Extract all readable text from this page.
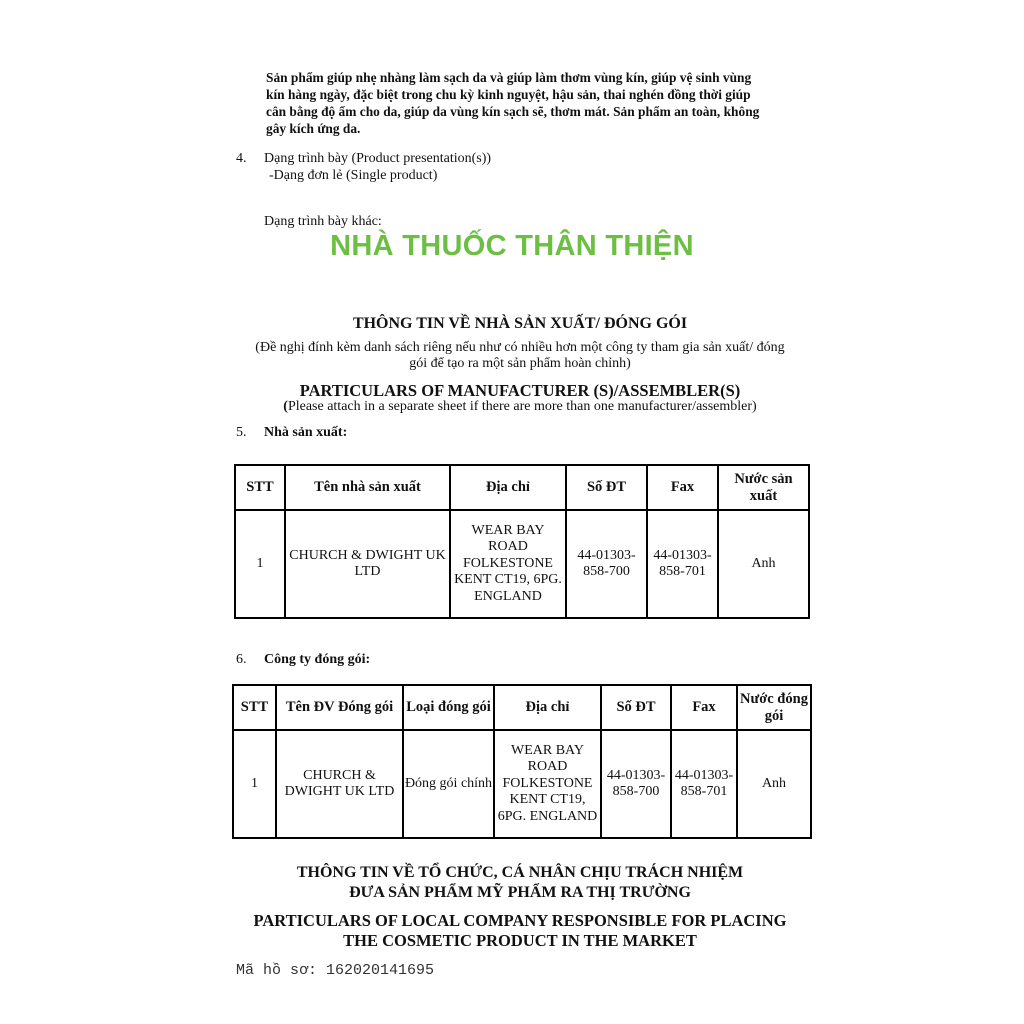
Sản phẩm giúp nhẹ nhàng làm sạch da và giúp làm thơm vùng kín, giúp vệ sinh vùng
kín hàng ngày, đặc biệt trong chu kỳ kinh nguyệt, hậu sản, thai nghén đồng thời giúp
cân bằng độ ẩm cho da, giúp da vùng kín sạch sẽ, thơm mát. Sản phẩm an toàn, không
gây kích ứng da.
4. Dạng trình bày (Product presentation(s))
-Dạng đơn lẻ (Single product)
Dạng trình bày khác:
NHÀ THUỐC THÂN THIỆN
THÔNG TIN VỀ NHÀ SẢN XUẤT/ ĐÓNG GÓI
(Đề nghị đính kèm danh sách riêng nếu như có nhiều hơn một công ty tham gia sản xuất/ đóng
gói để tạo ra một sản phẩm hoàn chỉnh)
PARTICULARS OF MANUFACTURER (S)/ASSEMBLER(S)
(Please attach in a separate sheet if there are more than one manufacturer/assembler)
5. Nhà sản xuất:
STT	Tên nhà sản xuất	Địa chỉ	Số ĐT	Fax	Nước sản xuất
1	CHURCH & DWIGHT UK LTD	WEAR BAY ROAD FOLKESTONE KENT CT19, 6PG. ENGLAND	44-01303-858-700	44-01303-858-701	Anh
6. Công ty đóng gói:
STT	Tên ĐV Đóng gói	Loại đóng gói	Địa chỉ	Số ĐT	Fax	Nước đóng gói
1	CHURCH & DWIGHT UK LTD	Đóng gói chính	WEAR BAY ROAD FOLKESTONE KENT CT19, 6PG. ENGLAND	44-01303-858-700	44-01303-858-701	Anh
THÔNG TIN VỀ TỔ CHỨC, CÁ NHÂN CHỊU TRÁCH NHIỆM
ĐƯA SẢN PHẨM MỸ PHẨM RA THỊ TRƯỜNG
PARTICULARS OF LOCAL COMPANY RESPONSIBLE FOR PLACING
THE COSMETIC PRODUCT IN THE MARKET
Mã hồ sơ: 162020141695
